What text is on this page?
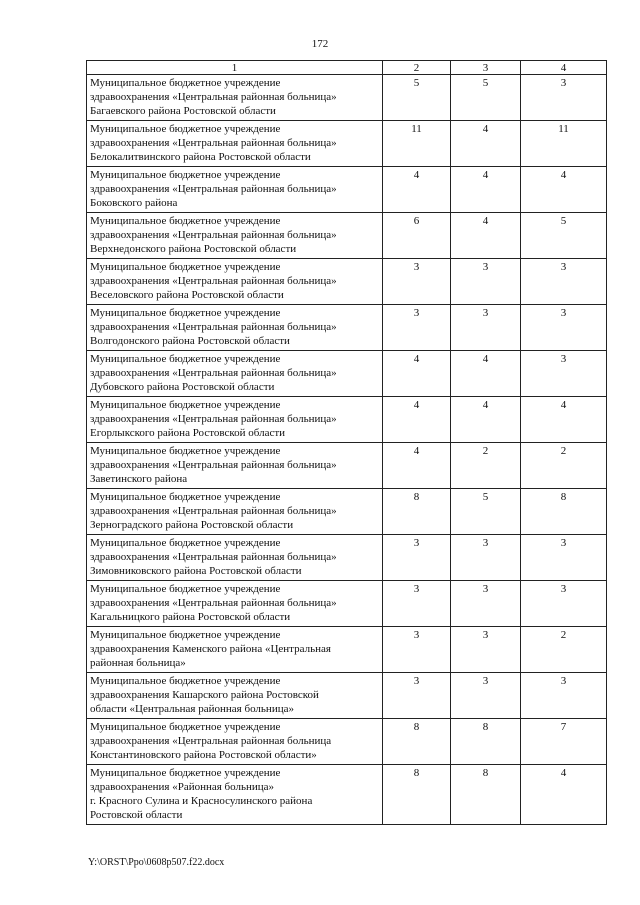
172
1	2	3	4
Муниципальное бюджетное учреждение
здравоохранения «Центральная районная больница»
Багаевского района Ростовской области	5	5	3
Муниципальное бюджетное учреждение
здравоохранения «Центральная районная больница»
Белокалитвинского района Ростовской области	11	4	11
Муниципальное бюджетное учреждение
здравоохранения «Центральная районная больница»
Боковского района	4	4	4
Муниципальное бюджетное учреждение
здравоохранения «Центральная районная больница»
Верхнедонского района Ростовской области	6	4	5
Муниципальное бюджетное учреждение
здравоохранения «Центральная районная больница»
Веселовского района Ростовской области	3	3	3
Муниципальное бюджетное учреждение
здравоохранения «Центральная районная больница»
Волгодонского района Ростовской области	3	3	3
Муниципальное бюджетное учреждение
здравоохранения «Центральная районная больница»
Дубовского района Ростовской области	4	4	3
Муниципальное бюджетное учреждение
здравоохранения «Центральная районная больница»
Егорлыкского района Ростовской области	4	4	4
Муниципальное бюджетное учреждение
здравоохранения «Центральная районная больница»
Заветинского района	4	2	2
Муниципальное бюджетное учреждение
здравоохранения «Центральная районная больница»
Зерноградского района Ростовской области	8	5	8
Муниципальное бюджетное учреждение
здравоохранения «Центральная районная больница»
Зимовниковского района Ростовской области	3	3	3
Муниципальное бюджетное учреждение
здравоохранения «Центральная районная больница»
Кагальницкого района Ростовской области	3	3	3
Муниципальное бюджетное учреждение
здравоохранения Каменского района «Центральная
районная больница»	3	3	2
Муниципальное бюджетное учреждение
здравоохранения Кашарского района Ростовской
области «Центральная районная больница»	3	3	3
Муниципальное бюджетное учреждение
здравоохранения «Центральная районная больница
Константиновского района Ростовской области»	8	8	7
Муниципальное бюджетное учреждение
здравоохранения «Районная больница»
г. Красного Сулина и Красносулинского района
Ростовской области	8	8	4
Y:\ORST\Ppo\0608p507.f22.docx
